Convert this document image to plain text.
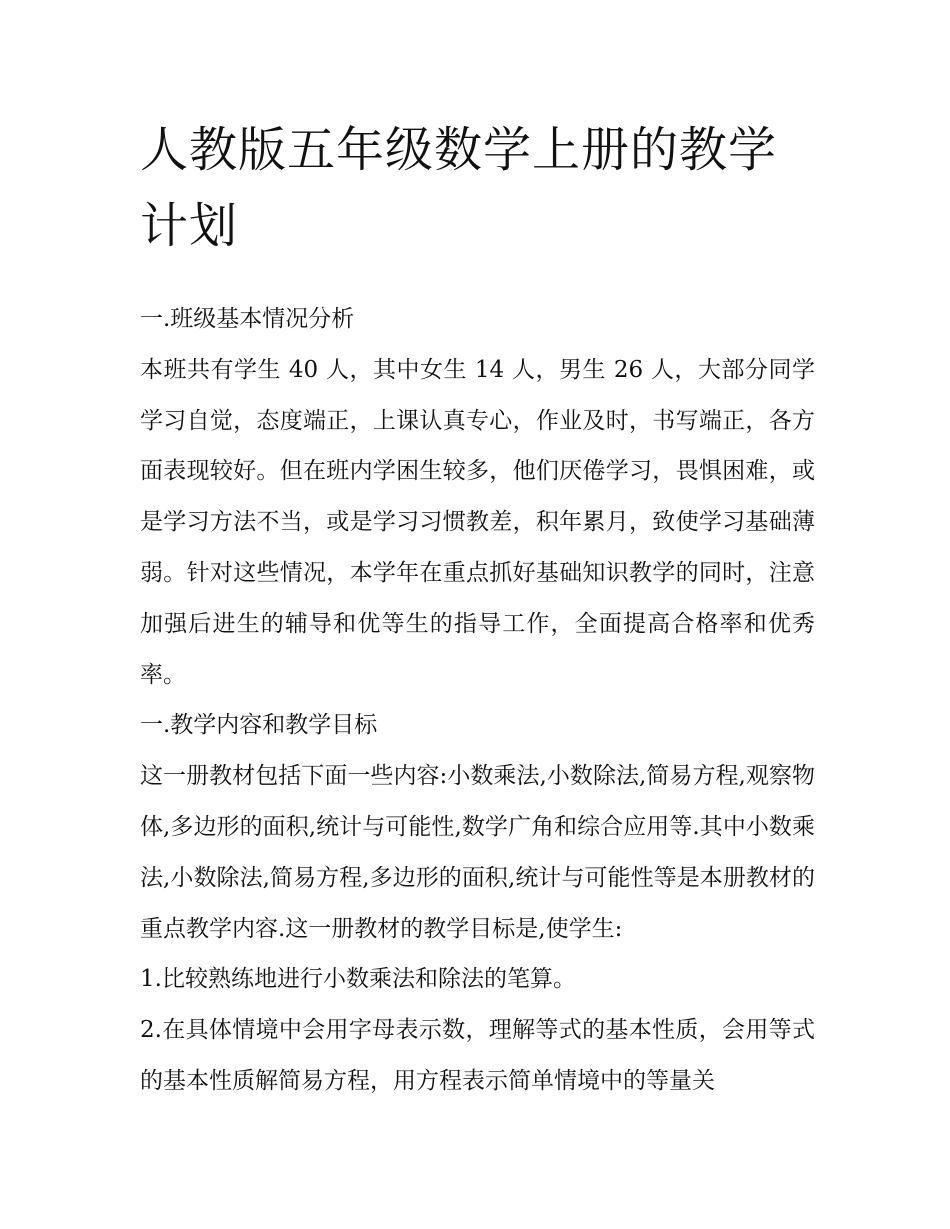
人教版五年级数学上册的教学计划

一.班级基本情况分析

本班共有学生 40 人，其中女生 14 人，男生 26 人，大部分同学学习自觉，态度端正，上课认真专心，作业及时，书写端正，各方面表现较好。但在班内学困生较多，他们厌倦学习，畏惧困难，或是学习方法不当，或是学习习惯教差，积年累月，致使学习基础薄弱。针对这些情况，本学年在重点抓好基础知识教学的同时，注意加强后进生的辅导和优等生的指导工作，全面提高合格率和优秀率。

一.教学内容和教学目标

这一册教材包括下面一些内容:小数乘法,小数除法,简易方程,观察物体,多边形的面积,统计与可能性,数学广角和综合应用等.其中小数乘法,小数除法,简易方程,多边形的面积,统计与可能性等是本册教材的重点教学内容.这一册教材的教学目标是,使学生:

1.比较熟练地进行小数乘法和除法的笔算。

2.在具体情境中会用字母表示数，理解等式的基本性质，会用等式的基本性质解简易方程，用方程表示简单情境中的等量关
